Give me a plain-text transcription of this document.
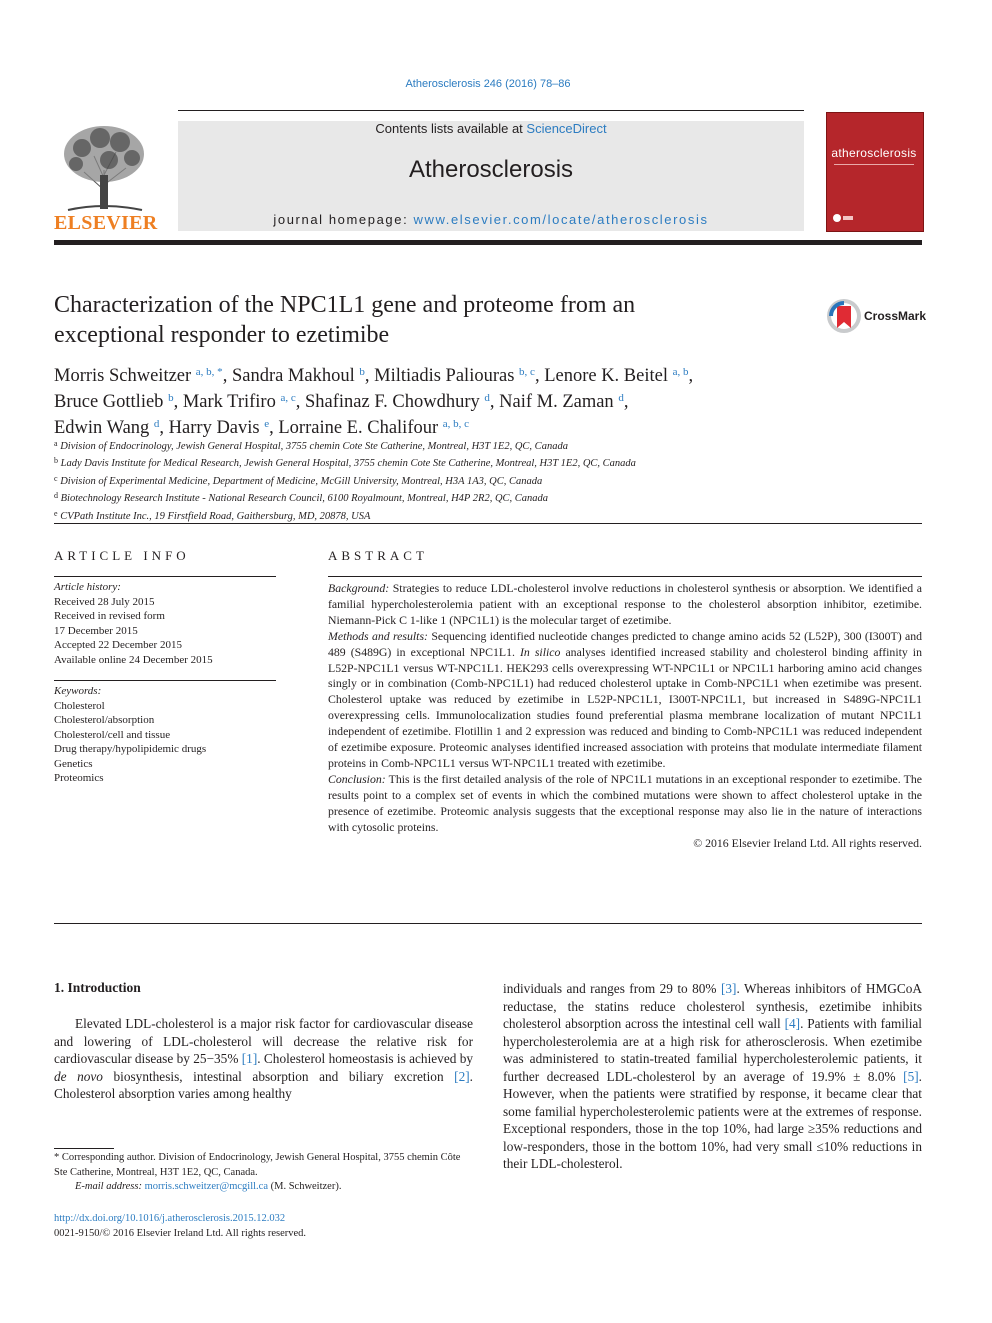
Atherosclerosis 246 (2016) 78–86
ELSEVIER
Contents lists available at ScienceDirect
Atherosclerosis
journal homepage: www.elsevier.com/locate/atherosclerosis
atherosclerosis
Characterization of the NPC1L1 gene and proteome from an
exceptional responder to ezetimibe
CrossMark
Morris Schweitzer $^{a, b, *}$, Sandra Makhoul $^b$, Miltiadis Paliouras $^{b, c}$, Lenore K. Beitel $^{a, b}$,
Bruce Gottlieb $^b$, Mark Trifiro $^{a, c}$, Shafinaz F. Chowdhury $^d$, Naif M. Zaman $^d$,
Edwin Wang $^d$, Harry Davis $^e$, Lorraine E. Chalifour $^{a, b, c}$
$^a$ Division of Endocrinology, Jewish General Hospital, 3755 chemin Cote Ste Catherine, Montreal, H3T 1E2, QC, Canada
$^b$ Lady Davis Institute for Medical Research, Jewish General Hospital, 3755 chemin Cote Ste Catherine, Montreal, H3T 1E2, QC, Canada
$^c$ Division of Experimental Medicine, Department of Medicine, McGill University, Montreal, H3A 1A3, QC, Canada
$^d$ Biotechnology Research Institute - National Research Council, 6100 Royalmount, Montreal, H4P 2R2, QC, Canada
$^e$ CVPath Institute Inc., 19 Firstfield Road, Gaithersburg, MD, 20878, USA
ARTICLE INFO	ABSTRACT
Article history:
Received 28 July 2015
Received in revised form
17 December 2015
Accepted 22 December 2015
Available online 24 December 2015
Keywords:
Cholesterol
Cholesterol/absorption
Cholesterol/cell and tissue
Drug therapy/hypolipidemic drugs
Genetics
Proteomics

Background: Strategies to reduce LDL-cholesterol involve reductions in cholesterol synthesis or absorption. We identified a familial hypercholesterolemia patient with an exceptional response to the cholesterol absorption inhibitor, ezetimibe. Niemann-Pick C 1-like 1 (NPC1L1) is the molecular target of ezetimibe.

Methods and results: Sequencing identified nucleotide changes predicted to change amino acids 52 (L52P), 300 (I300T) and 489 (S489G) in exceptional NPC1L1. In silico analyses identified increased stability and cholesterol binding affinity in L52P-NPC1L1 versus WT-NPC1L1. HEK293 cells overexpressing WT-NPC1L1 or NPC1L1 harboring amino acid changes singly or in combination (Comb-NPC1L1) had reduced cholesterol uptake in Comb-NPC1L1 when ezetimibe was present. Cholesterol uptake was reduced by ezetimibe in L52P-NPC1L1, I300T-NPC1L1, but increased in S489G-NPC1L1 overexpressing cells. Immunolocalization studies found preferential plasma membrane localization of mutant NPC1L1 independent of ezetimibe. Flotillin 1 and 2 expression was reduced and binding to Comb-NPC1L1 was reduced independent of ezetimibe exposure. Proteomic analyses identified increased association with proteins that modulate intermediate filament proteins in Comb-NPC1L1 versus WT-NPC1L1 treated with ezetimibe.

Conclusion: This is the first detailed analysis of the role of NPC1L1 mutations in an exceptional responder to ezetimibe. The results point to a complex set of events in which the combined mutations were shown to affect cholesterol uptake in the presence of ezetimibe. Proteomic analysis suggests that the exceptional response may also lie in the nature of interactions with cytosolic proteins.

© 2016 Elsevier Ireland Ltd. All rights reserved.

1. Introduction
Elevated LDL-cholesterol is a major risk factor for cardiovascular disease and lowering of LDL-cholesterol will decrease the relative risk for cardiovascular disease by 25−35% [1]. Cholesterol homeostasis is achieved by de novo biosynthesis, intestinal absorption and biliary excretion [2]. Cholesterol absorption varies among healthy
individuals and ranges from 29 to 80% [3]. Whereas inhibitors of HMGCoA reductase, the statins reduce cholesterol synthesis, ezetimibe inhibits cholesterol absorption across the intestinal cell wall [4]. Patients with familial hypercholesterolemia are at a high risk for atherosclerosis. When ezetimibe was administered to statin-treated familial hypercholesterolemic patients, it further decreased LDL-cholesterol by an average of 19.9% ± 8.0% [5]. However, when the patients were stratified by response, it became clear that some familial hypercholesterolemic patients were at the extremes of response. Exceptional responders, those in the top 10%, had large ≥35% reductions and low-responders, those in the bottom 10%, had very small ≤10% reductions in their LDL-cholesterol.

* Corresponding author. Division of Endocrinology, Jewish General Hospital, 3755 chemin Côte Ste Catherine, Montreal, H3T 1E2, QC, Canada.

E-mail address: morris.schweitzer@mcgill.ca (M. Schweitzer).

http://dx.doi.org/10.1016/j.atherosclerosis.2015.12.032
0021-9150/© 2016 Elsevier Ireland Ltd. All rights reserved.
